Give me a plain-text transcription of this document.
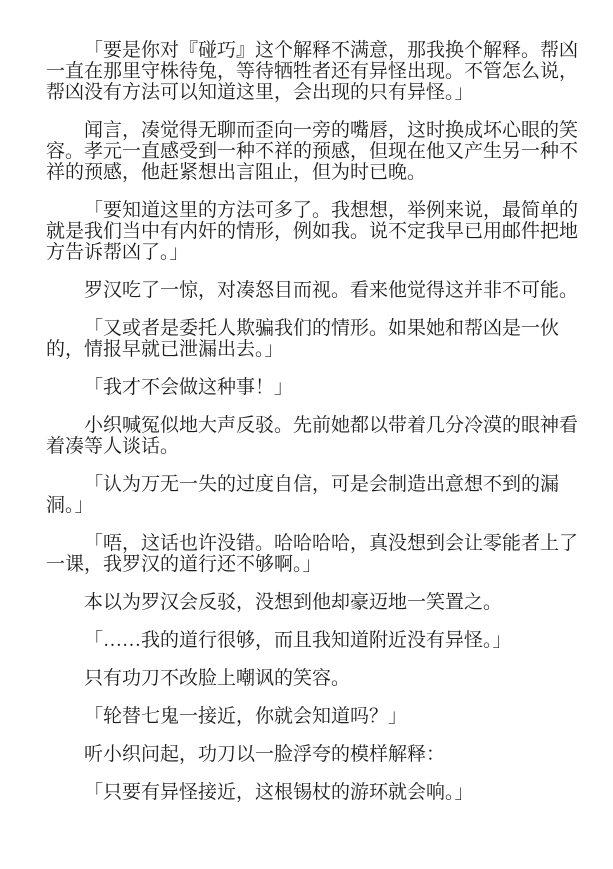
「要是你对『碰巧』这个解释不满意，那我换个解释。帮凶一直在那里守株待兔，等待牺牲者还有异怪出现。不管怎么说，帮凶没有方法可以知道这里，会出现的只有异怪。」

闻言，凑觉得无聊而歪向一旁的嘴唇，这时换成坏心眼的笑容。孝元一直感受到一种不祥的预感，但现在他又产生另一种不祥的预感，他赶紧想出言阻止，但为时已晚。

「要知道这里的方法可多了。我想想，举例来说，最简单的就是我们当中有内奸的情形，例如我。说不定我早已用邮件把地方告诉帮凶了。」

罗汉吃了一惊，对凑怒目而视。看来他觉得这并非不可能。

「又或者是委托人欺骗我们的情形。如果她和帮凶是一伙的，情报早就已泄漏出去。」

「我才不会做这种事！」

小织喊冤似地大声反驳。先前她都以带着几分冷漠的眼神看着凑等人谈话。

「认为万无一失的过度自信，可是会制造出意想不到的漏洞。」

「唔，这话也许没错。哈哈哈哈，真没想到会让零能者上了一课，我罗汉的道行还不够啊。」

本以为罗汉会反驳，没想到他却豪迈地一笑置之。

「……我的道行很够，而且我知道附近没有异怪。」

只有功刀不改脸上嘲讽的笑容。

「轮替七鬼一接近，你就会知道吗？」

听小织问起，功刀以一脸浮夸的模样解释：

「只要有异怪接近，这根锡杖的游环就会响。」
